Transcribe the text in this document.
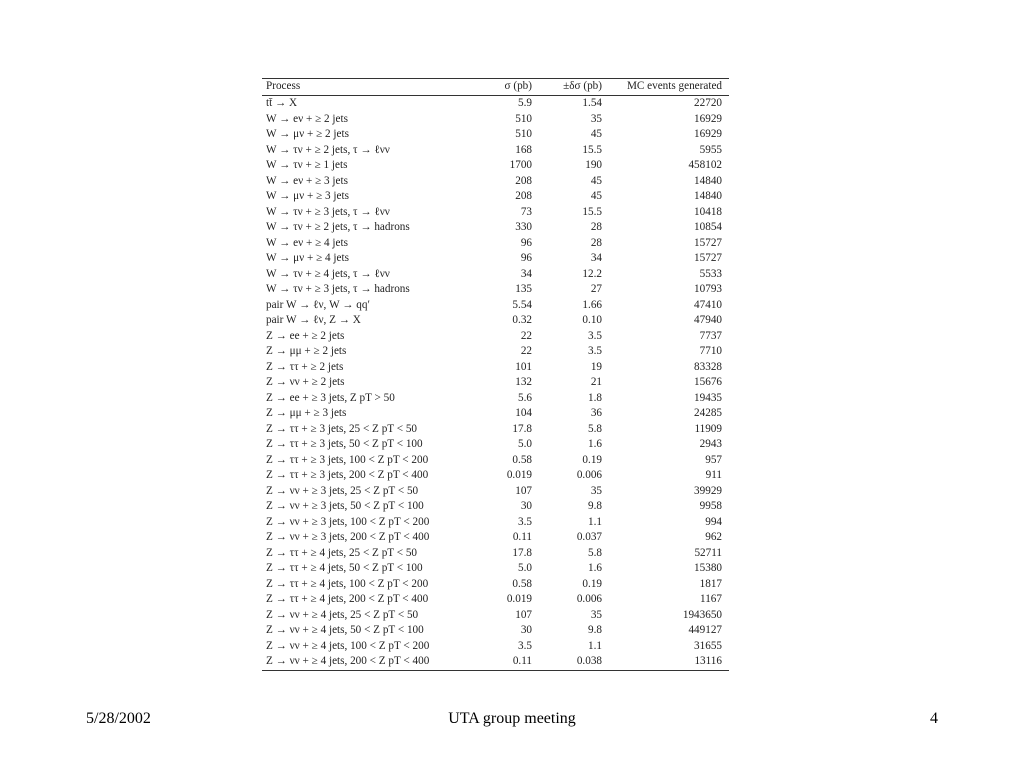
Process	σ (pb)	±δσ (pb)	MC events generated
tt̄ → X	5.9	1.54	22720
W → eν + ≥ 2 jets	510	35	16929
W → μν + ≥ 2 jets	510	45	16929
W → τν + ≥ 2 jets, τ → ℓνν	168	15.5	5955
W → τν + ≥ 1 jets	1700	190	458102
W → eν + ≥ 3 jets	208	45	14840
W → μν + ≥ 3 jets	208	45	14840
W → τν + ≥ 3 jets, τ → ℓνν	73	15.5	10418
W → τν + ≥ 2 jets, τ → hadrons	330	28	10854
W → eν + ≥ 4 jets	96	28	15727
W → μν + ≥ 4 jets	96	34	15727
W → τν + ≥ 4 jets, τ → ℓνν	34	12.2	5533
W → τν + ≥ 3 jets, τ → hadrons	135	27	10793
pair W → ℓν, W → qq′	5.54	1.66	47410
pair W → ℓν, Z → X	0.32	0.10	47940
Z → ee + ≥ 2 jets	22	3.5	7737
Z → μμ + ≥ 2 jets	22	3.5	7710
Z → ττ + ≥ 2 jets	101	19	83328
Z → νν + ≥ 2 jets	132	21	15676
Z → ee + ≥ 3 jets, Z pT > 50	5.6	1.8	19435
Z → μμ + ≥ 3 jets	104	36	24285
Z → ττ + ≥ 3 jets, 25 < Z pT < 50	17.8	5.8	11909
Z → ττ + ≥ 3 jets, 50 < Z pT < 100	5.0	1.6	2943
Z → ττ + ≥ 3 jets, 100 < Z pT < 200	0.58	0.19	957
Z → ττ + ≥ 3 jets, 200 < Z pT < 400	0.019	0.006	911
Z → νν + ≥ 3 jets, 25 < Z pT < 50	107	35	39929
Z → νν + ≥ 3 jets, 50 < Z pT < 100	30	9.8	9958
Z → νν + ≥ 3 jets, 100 < Z pT < 200	3.5	1.1	994
Z → νν + ≥ 3 jets, 200 < Z pT < 400	0.11	0.037	962
Z → ττ + ≥ 4 jets, 25 < Z pT < 50	17.8	5.8	52711
Z → ττ + ≥ 4 jets, 50 < Z pT < 100	5.0	1.6	15380
Z → ττ + ≥ 4 jets, 100 < Z pT < 200	0.58	0.19	1817
Z → ττ + ≥ 4 jets, 200 < Z pT < 400	0.019	0.006	1167
Z → νν + ≥ 4 jets, 25 < Z pT < 50	107	35	1943650
Z → νν + ≥ 4 jets, 50 < Z pT < 100	30	9.8	449127
Z → νν + ≥ 4 jets, 100 < Z pT < 200	3.5	1.1	31655
Z → νν + ≥ 4 jets, 200 < Z pT < 400	0.11	0.038	13116
5/28/2002	UTA group meeting	4
